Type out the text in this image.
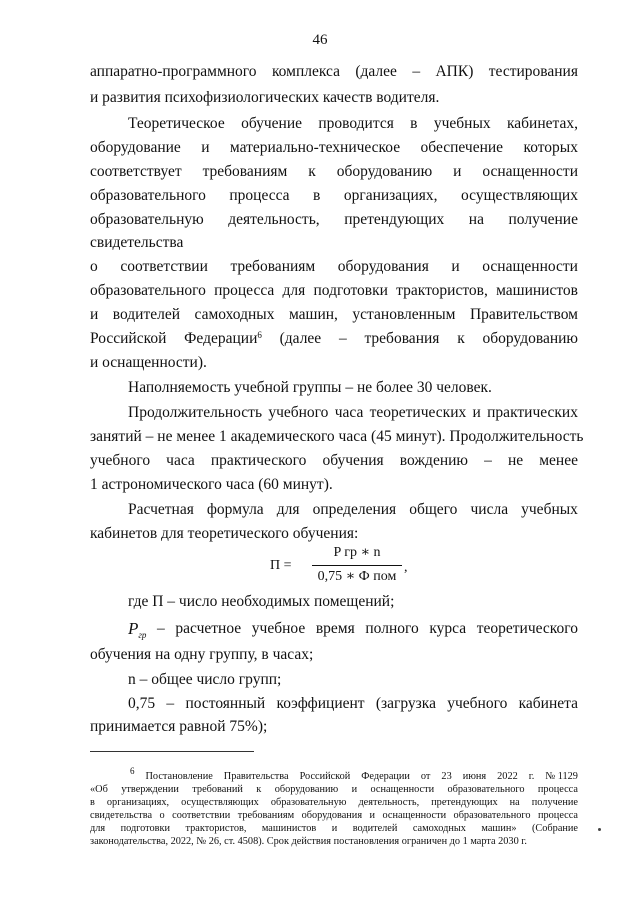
46
аппаратно-программного комплекса (далее – АПК) тестирования
и развития психофизиологических качеств водителя.
Теоретическое обучение проводится в учебных кабинетах,
оборудование и материально-техническое обеспечение которых
соответствует требованиям к оборудованию и оснащенности
образовательного процесса в организациях, осуществляющих
образовательную деятельность, претендующих на получение
свидетельства
о соответствии требованиям оборудования и оснащенности
образовательного процесса для подготовки трактористов, машинистов
и водителей самоходных машин, установленным Правительством
Российской Федерации$^6$ (далее – требования к оборудованию
и оснащенности).
Наполняемость учебной группы – не более 30 человек.
Продолжительность учебного часа теоретических и практических
занятий – не менее 1 академического часа (45 минут). Продолжительность
учебного часа практического обучения вождению – не менее
1 астрономического часа (60 минут).
Расчетная формула для определения общего числа учебных
кабинетов для теоретического обучения:
П =
P гр ∗ n
0,75 ∗ Ф пом
,
где П – число необходимых помещений;
$P_{гр}$ – расчетное учебное время полного курса теоретического
обучения на одну группу, в часах;
n – общее число групп;
0,75 – постоянный коэффициент (загрузка учебного кабинета
принимается равной 75%);
$^6$ Постановление Правительства Российской Федерации от 23 июня 2022 г. № 1129
«Об утверждении требований к оборудованию и оснащенности образовательного процесса
в организациях, осуществляющих образовательную деятельность, претендующих на получение
свидетельства о соответствии требованиям оборудования и оснащенности образовательного процесса
для подготовки трактористов, машинистов и водителей самоходных машин» (Собрание
законодательства, 2022, № 26, ст. 4508). Срок действия постановления ограничен до 1 марта 2030 г.
